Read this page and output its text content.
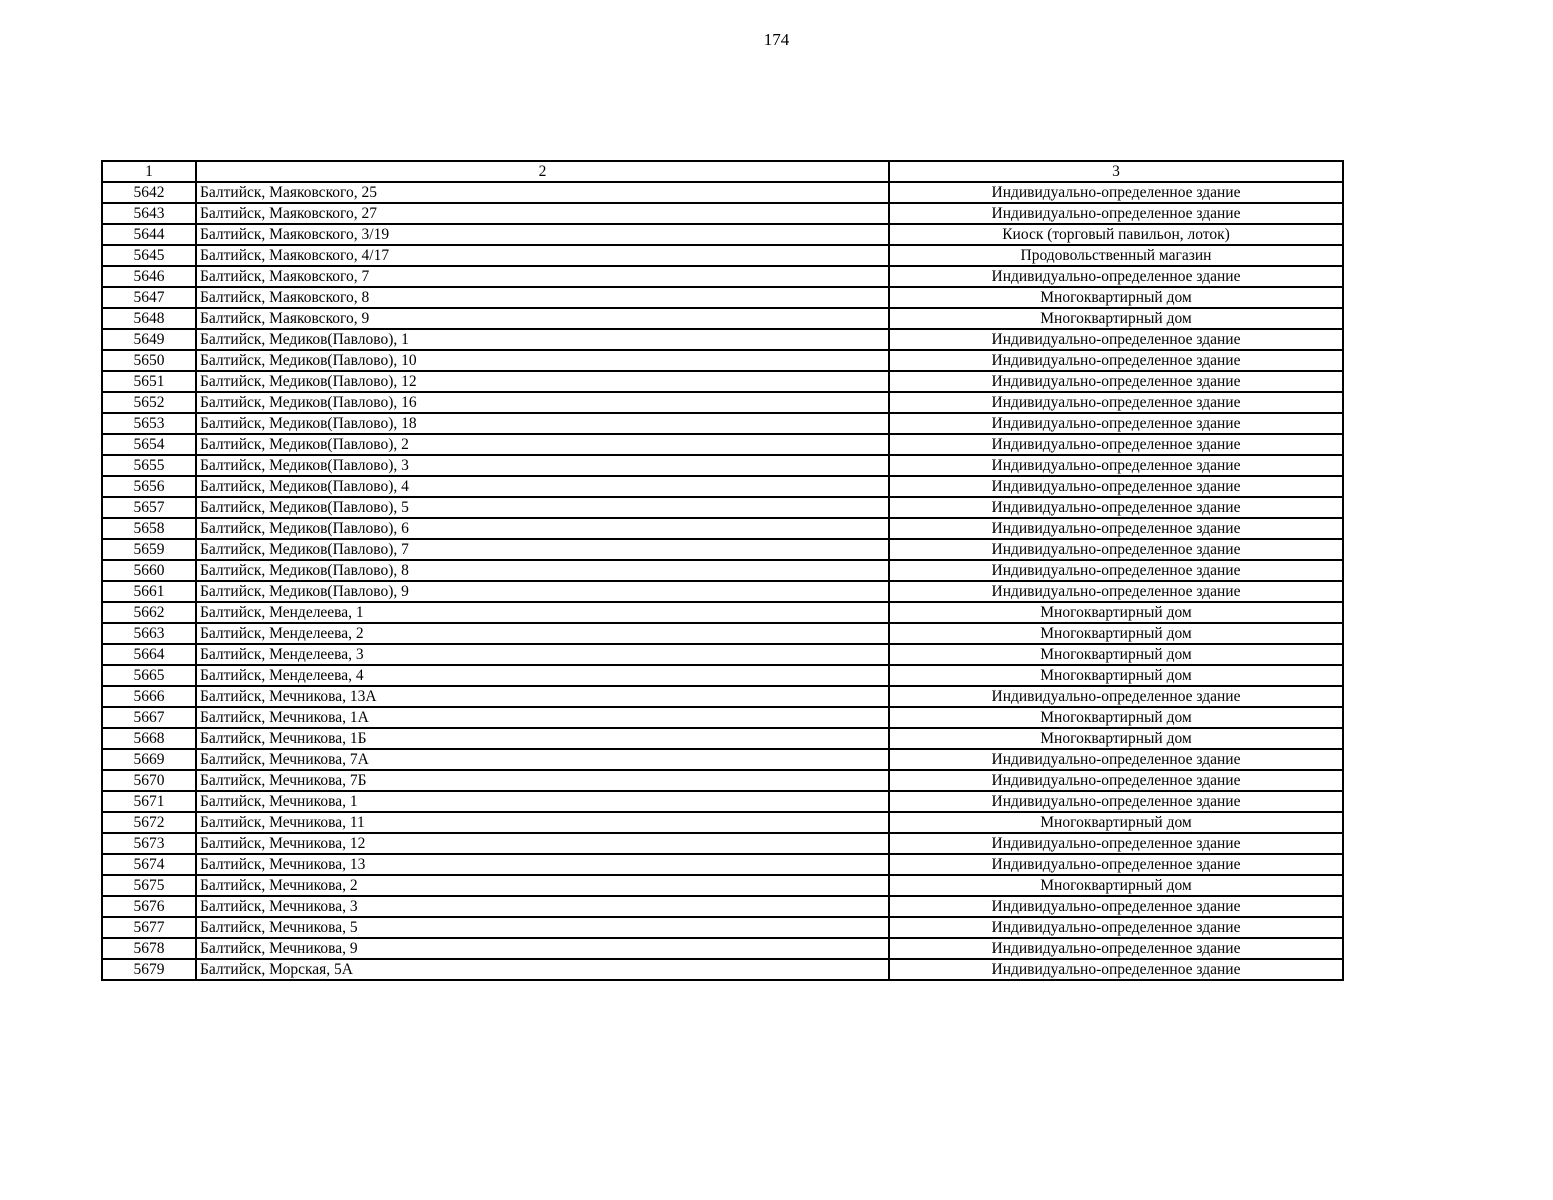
174
1	2	3
5642	Балтийск, Маяковского, 25	Индивидуально-определенное здание
5643	Балтийск, Маяковского, 27	Индивидуально-определенное здание
5644	Балтийск, Маяковского, 3/19	Киоск (торговый павильон, лоток)
5645	Балтийск, Маяковского, 4/17	Продовольственный магазин
5646	Балтийск, Маяковского, 7	Индивидуально-определенное здание
5647	Балтийск, Маяковского, 8	Многоквартирный дом
5648	Балтийск, Маяковского, 9	Многоквартирный дом
5649	Балтийск, Медиков(Павлово), 1	Индивидуально-определенное здание
5650	Балтийск, Медиков(Павлово), 10	Индивидуально-определенное здание
5651	Балтийск, Медиков(Павлово), 12	Индивидуально-определенное здание
5652	Балтийск, Медиков(Павлово), 16	Индивидуально-определенное здание
5653	Балтийск, Медиков(Павлово), 18	Индивидуально-определенное здание
5654	Балтийск, Медиков(Павлово), 2	Индивидуально-определенное здание
5655	Балтийск, Медиков(Павлово), 3	Индивидуально-определенное здание
5656	Балтийск, Медиков(Павлово), 4	Индивидуально-определенное здание
5657	Балтийск, Медиков(Павлово), 5	Индивидуально-определенное здание
5658	Балтийск, Медиков(Павлово), 6	Индивидуально-определенное здание
5659	Балтийск, Медиков(Павлово), 7	Индивидуально-определенное здание
5660	Балтийск, Медиков(Павлово), 8	Индивидуально-определенное здание
5661	Балтийск, Медиков(Павлово), 9	Индивидуально-определенное здание
5662	Балтийск, Менделеева, 1	Многоквартирный дом
5663	Балтийск, Менделеева, 2	Многоквартирный дом
5664	Балтийск, Менделеева, 3	Многоквартирный дом
5665	Балтийск, Менделеева, 4	Многоквартирный дом
5666	Балтийск, Мечникова, 13А	Индивидуально-определенное здание
5667	Балтийск, Мечникова, 1А	Многоквартирный дом
5668	Балтийск, Мечникова, 1Б	Многоквартирный дом
5669	Балтийск, Мечникова, 7А	Индивидуально-определенное здание
5670	Балтийск, Мечникова, 7Б	Индивидуально-определенное здание
5671	Балтийск, Мечникова, 1	Индивидуально-определенное здание
5672	Балтийск, Мечникова, 11	Многоквартирный дом
5673	Балтийск, Мечникова, 12	Индивидуально-определенное здание
5674	Балтийск, Мечникова, 13	Индивидуально-определенное здание
5675	Балтийск, Мечникова, 2	Многоквартирный дом
5676	Балтийск, Мечникова, 3	Индивидуально-определенное здание
5677	Балтийск, Мечникова, 5	Индивидуально-определенное здание
5678	Балтийск, Мечникова, 9	Индивидуально-определенное здание
5679	Балтийск, Морская, 5А	Индивидуально-определенное здание
